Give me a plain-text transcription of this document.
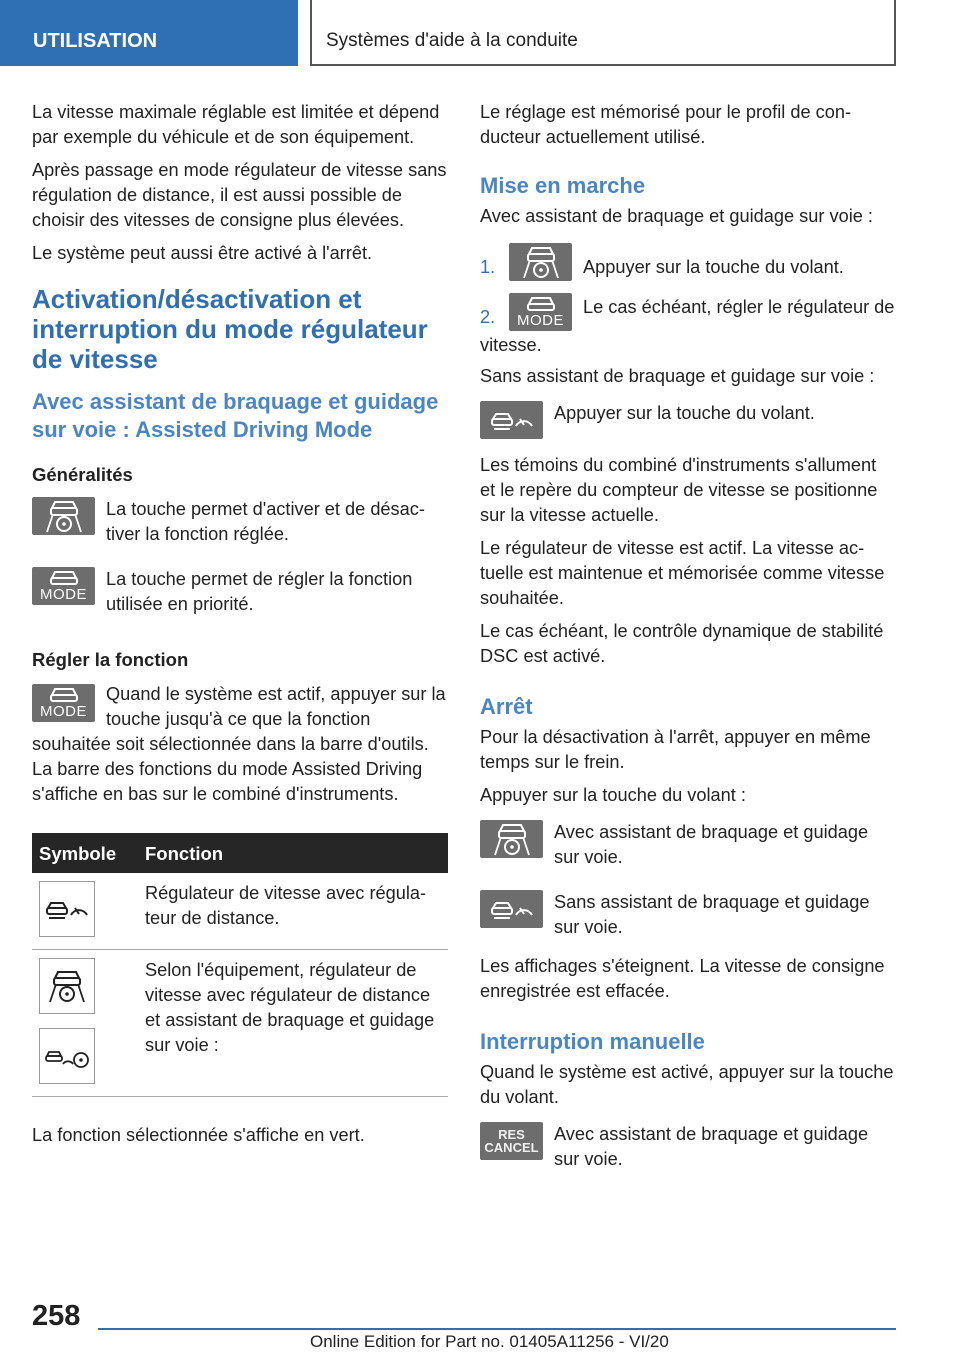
UTILISATION	Systèmes d'aide à la conduite

La vitesse maximale réglable est limitée et dépend par exemple du véhicule et de son équipement.

Après passage en mode régulateur de vitesse sans régulation de distance, il est aussi possible de choisir des vitesses de consigne plus élevées.

Le système peut aussi être activé à l'arrêt.

Activation/désactivation et interruption du mode régulateur de vitesse
Avec assistant de braquage et guidage sur voie : Assisted Driving Mode
Généralités
La touche permet d'activer et de désactiver la fonction réglée.
MODE
La touche permet de régler la fonction utilisée en priorité.
Régler la fonction
MODE
Quand le système est actif, appuyer sur la touche jusqu'à ce que la fonction souhaitée soit sélectionnée dans la barre d'outils. La barre des fonctions du mode Assisted Driving s'affiche en bas sur le combiné d'instruments.
Symbole	Fonction

	Régulateur de vitesse avec régulateur de distance.

	Selon l'équipement, régulateur de vitesse avec régulateur de distance et assistant de braquage et guidage sur voie :

La fonction sélectionnée s'affiche en vert.

Le réglage est mémorisé pour le profil de conducteur actuellement utilisé.

Mise en marche

Avec assistant de braquage et guidage sur voie :

1.	Appuyer sur la touche du volant.
2. MODE
Le cas échéant, régler le régulateur de vitesse.

Sans assistant de braquage et guidage sur voie :

Appuyer sur la touche du volant.

Les témoins du combiné d'instruments s'allument et le repère du compteur de vitesse se positionne sur la vitesse actuelle.

Le régulateur de vitesse est actif. La vitesse actuelle est maintenue et mémorisée comme vitesse souhaitée.

Le cas échéant, le contrôle dynamique de stabilité DSC est activé.

Arrêt

Pour la désactivation à l'arrêt, appuyer en même temps sur le frein.

Appuyer sur la touche du volant :

Avec assistant de braquage et guidage sur voie.
Sans assistant de braquage et guidage sur voie.

Les affichages s'éteignent. La vitesse de consigne enregistrée est effacée.

Interruption manuelle

Quand le système est activé, appuyer sur la touche du volant.

RES
CANCEL
Avec assistant de braquage et guidage sur voie.
258
Online Edition for Part no. 01405A11256 - VI/20
